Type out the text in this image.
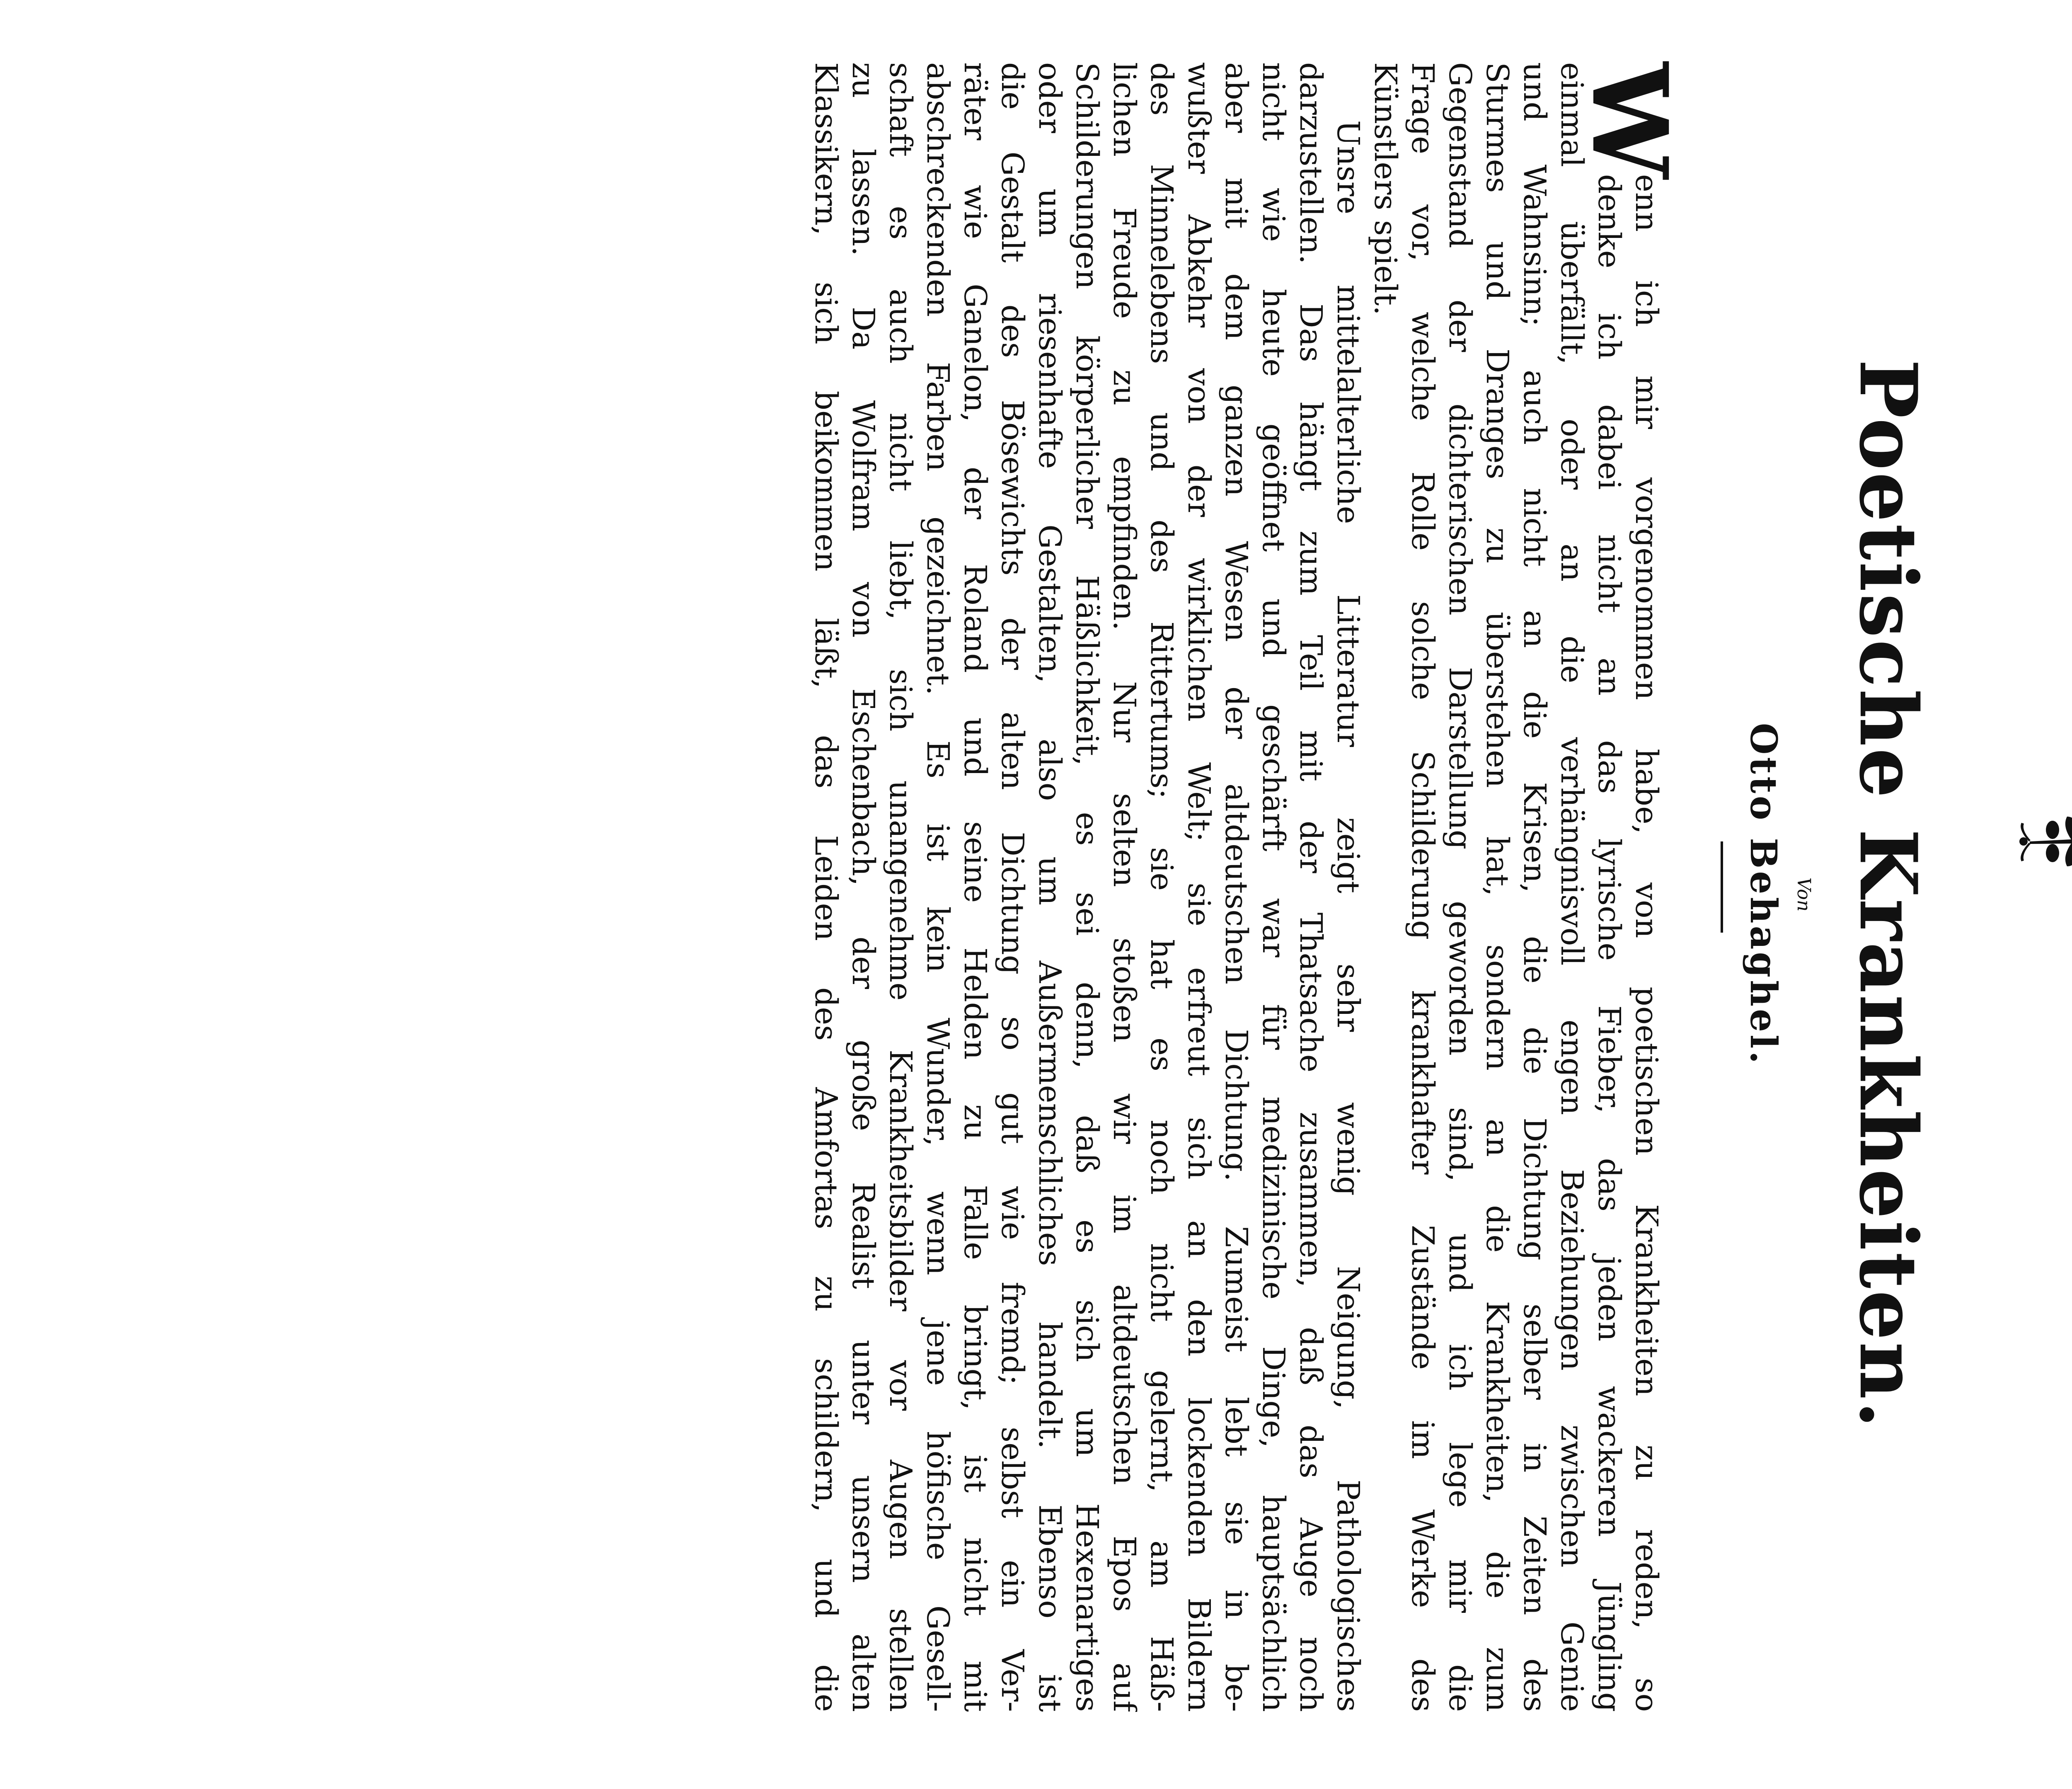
Poetische Krankheiten.
Von
Otto Behaghel.
W
enn ich mir vorgenommen habe, von poetischen Krankheiten zu reden, so
denke ich dabei nicht an das lyrische Fieber, das jeden wackeren Jüngling
einmal überfällt, oder an die verhängnisvoll engen Beziehungen zwischen Genie
und Wahnsinn; auch nicht an die Krisen, die die Dichtung selber in Zeiten des
Sturmes und Dranges zu überstehen hat, sondern an die Krankheiten, die zum
Gegenstand der dichterischen Darstellung geworden sind, und ich lege mir die
Frage vor, welche Rolle solche Schilderung krankhafter Zustände im Werke des
Künstlers spielt.
Unsre mittelalterliche Litteratur zeigt sehr wenig Neigung, Pathologisches
darzustellen. Das hängt zum Teil mit der Thatsache zusammen, daß das Auge noch
nicht wie heute geöffnet und geschärft war für medizinische Dinge, hauptsächlich
aber mit dem ganzen Wesen der altdeutschen Dichtung. Zumeist lebt sie in be-
wußter Abkehr von der wirklichen Welt; sie erfreut sich an den lockenden Bildern
des Minnelebens und des Rittertums; sie hat es noch nicht gelernt, am Häß-
lichen Freude zu empfinden. Nur selten stoßen wir im altdeutschen Epos auf
Schilderungen körperlicher Häßlichkeit, es sei denn, daß es sich um Hexenartiges
oder um riesenhafte Gestalten, also um Außermenschliches handelt. Ebenso ist
die Gestalt des Bösewichts der alten Dichtung so gut wie fremd; selbst ein Ver-
räter wie Ganelon, der Roland und seine Helden zu Falle bringt, ist nicht mit
abschreckenden Farben gezeichnet. Es ist kein Wunder, wenn jene höfische Gesell-
schaft es auch nicht liebt, sich unangenehme Krankheitsbilder vor Augen stellen
zu lassen. Da Wolfram von Eschenbach, der große Realist unter unsern alten
Klassikern, sich beikommen läßt, das Leiden des Amfortas zu schildern, und die
